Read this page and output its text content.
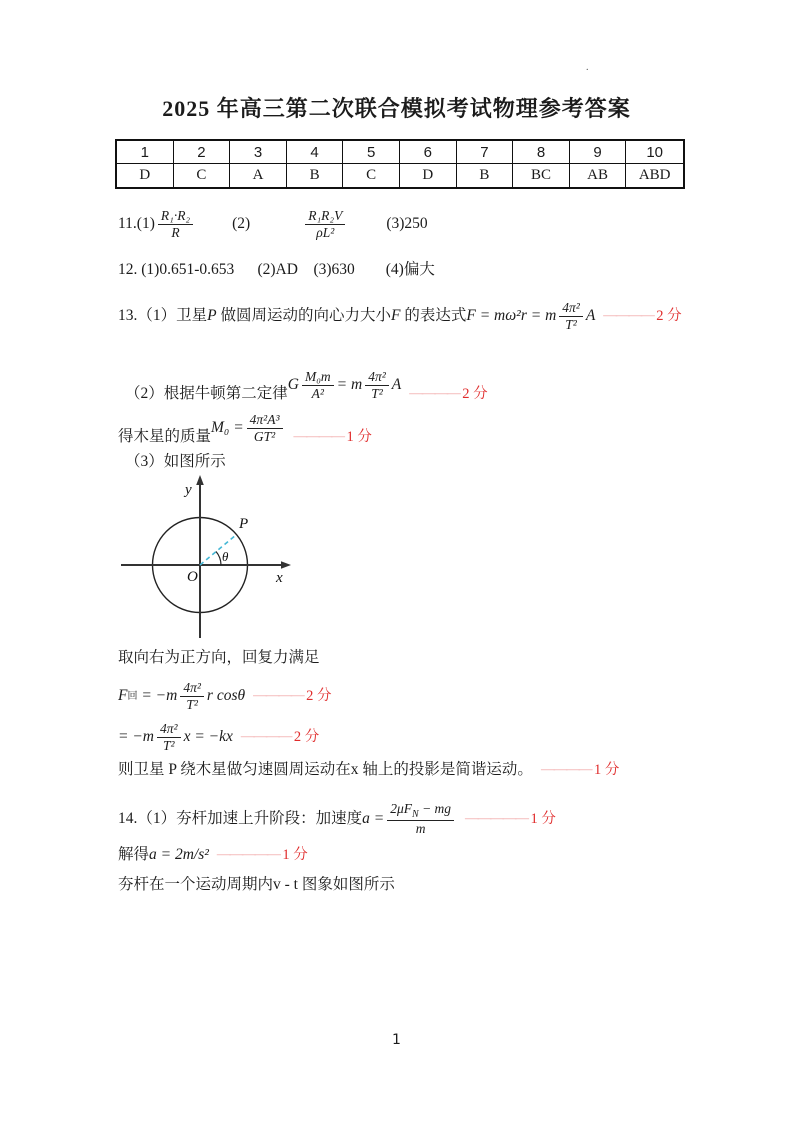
.
2025 年高三第二次联合模拟考试物理参考答案
1	2	3	4	5	6	7	8	9	10
D	C	A	B	C	D	B	BC	AB	ABD
$11.(1) \frac{\text{R₁·R₂}}{R}$	(2)	$\frac{\text{R₁R₂V}}{\text{ρL²}}$	(3)250
12. (1)0.651-0.653      (2)AD    (3)630        (4)偏大
13.（1）卫星 P 做圆周运动的向心力大小 F 的表达式 F = mω²r = m $\frac{\text{4π²}}{\text{T²}}$ A ———— 2 分
（2）根据牛顿第二定律
G $\frac{\text{M₀m}}{\text{A²}} = m \frac{\text{4π²}}{\text{T²}}$ A
———— 2 分
得木星的质量
$M_0 = \frac{\text{4π²A³}}{\text{GT²}}$ ———— 1 分
（3）如图所示
y
x
O
P
θ
取向右为正方向，回复力满足
F 回 = $-m \frac{\text{4π²}}{\text{T²}}$ r cosθ ———— 2 分
= $-m \frac{\text{4π²}}{\text{T²}}$ x = −kx ———— 2 分
则卫星 P 绕木星做匀速圆周运动在x 轴上的投影是简谐运动。 ———— 1 分
14.（1）夯杆加速上升阶段：加速度 $a = \frac{2\mu F_N - mg}{m}$ ————— 1 分
解得 a = 2m/s² ————— 1 分
夯杆在一个运动周期内v - t 图象如图所示
1
